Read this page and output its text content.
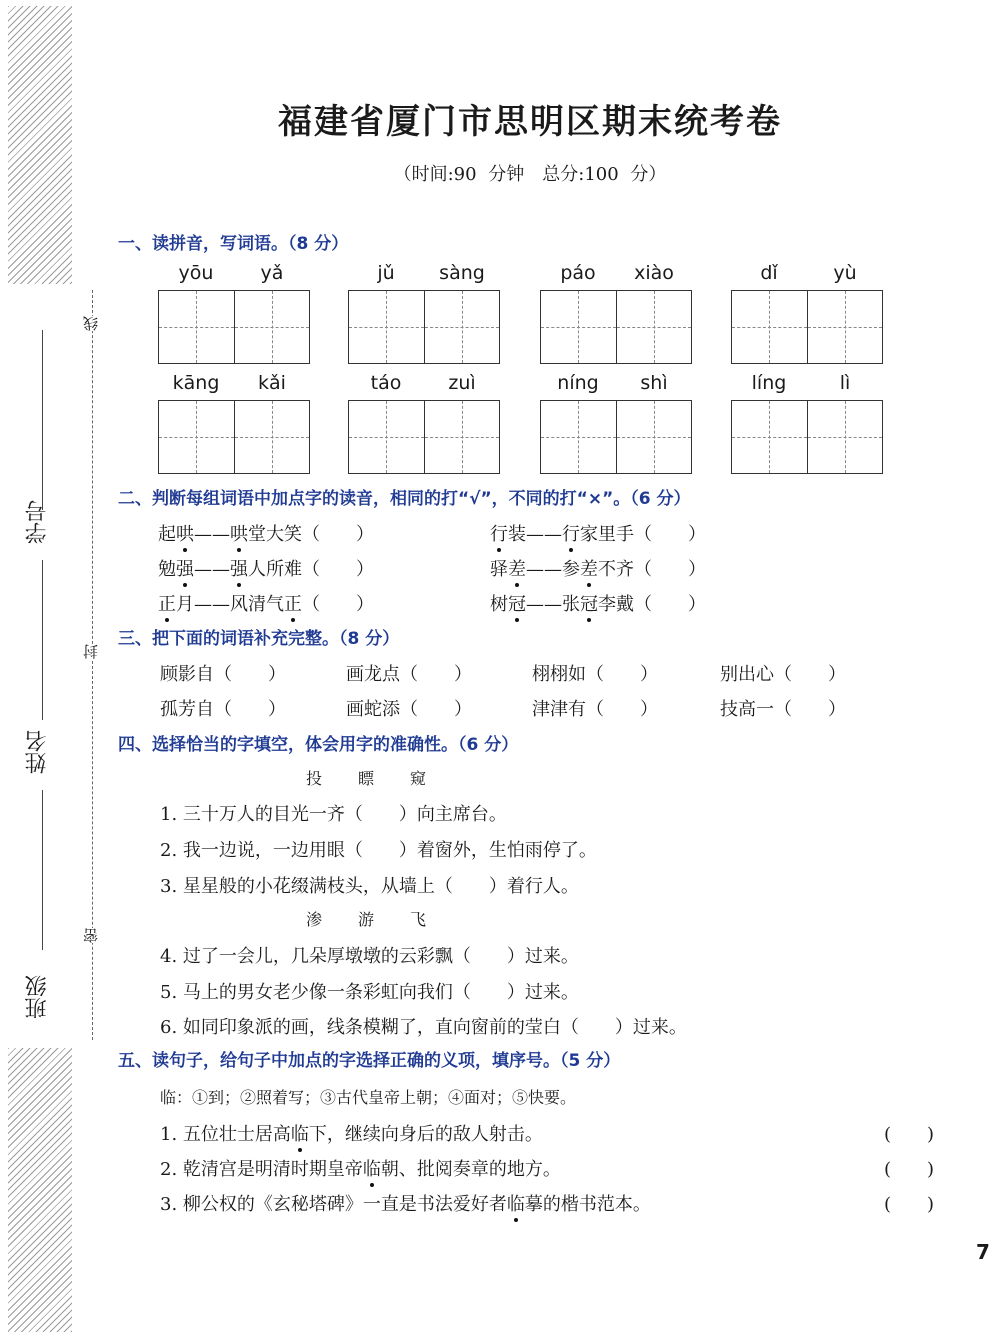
学号
姓名
班级
线
封
密
福建省厦门市思明区期末统考卷
（时间:90 分钟　总分:100 分）
一、读拼音，写词语。（8 分）
yōu	yǎ	jǔ	sàng	páo	xiào	dǐ	yù
kāng	kǎi	táo	zuì	níng	shì	líng	lì
二、判断每组词语中加点字的读音，相同的打“√”，不同的打“×”。（6 分）
起哄——哄堂大笑（　　）	行装——行家里手（　　）
勉强——强人所难（　　）	驿差——参差不齐（　　）
正月——风清气正（　　）	树冠——张冠李戴（　　）
三、把下面的词语补充完整。（8 分）
顾影自（　　）	画龙点（　　）	栩栩如（　　）	别出心（　　）
孤芳自（　　）	画蛇添（　　）	津津有（　　）	技高一（　　）
四、选择恰当的字填空，体会用字的准确性。（6 分）
投　瞟　窥
1. 三十万人的目光一齐（　　）向主席台。
2. 我一边说，一边用眼（　　）着窗外，生怕雨停了。
3. 星星般的小花缀满枝头，从墙上（　　）着行人。
渗　游　飞
4. 过了一会儿，几朵厚墩墩的云彩飘（　　）过来。
5. 马上的男女老少像一条彩虹向我们（　　）过来。
6. 如同印象派的画，线条模糊了，直向窗前的莹白（　　）过来。
五、读句子，给句子中加点的字选择正确的义项，填序号。（5 分）
临：①到；②照着写；③古代皇帝上朝；④面对；⑤快要。
1. 五位壮士居高临下，继续向身后的敌人射击。	(　　)
2. 乾清宫是明清时期皇帝临朝、批阅奏章的地方。	(　　)
3. 柳公权的《玄秘塔碑》一直是书法爱好者临摹的楷书范本。	(　　)
7
